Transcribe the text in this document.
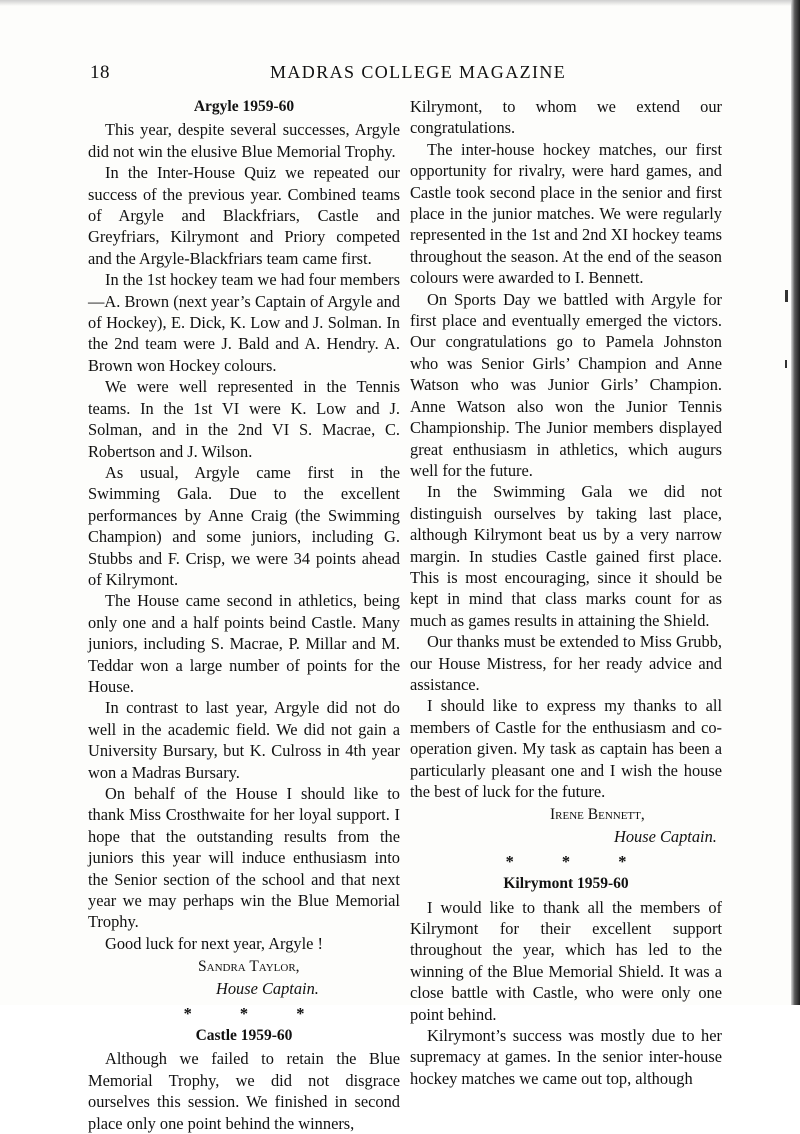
18	MADRAS COLLEGE MAGAZINE
Argyle 1959-60

This year, despite several successes, Argyle did not win the elusive Blue Memorial Trophy.

In the Inter-House Quiz we repeated our success of the previous year. Combined teams of Argyle and Blackfriars, Castle and Greyfriars, Kilrymont and Priory competed and the Argyle-Blackfriars team came first.

In the 1st hockey team we had four members —A. Brown (next year’s Captain of Argyle and of Hockey), E. Dick, K. Low and J. Solman. In the 2nd team were J. Bald and A. Hendry. A. Brown won Hockey colours.

We were well represented in the Tennis teams. In the 1st VI were K. Low and J. Solman, and in the 2nd VI S. Macrae, C. Robertson and J. Wilson.

As usual, Argyle came first in the Swimming Gala. Due to the excellent performances by Anne Craig (the Swimming Champion) and some juniors, including G. Stubbs and F. Crisp, we were 34 points ahead of Kilrymont.

The House came second in athletics, being only one and a half points beind Castle. Many juniors, including S. Macrae, P. Millar and M. Teddar won a large number of points for the House.

In contrast to last year, Argyle did not do well in the academic field. We did not gain a University Bursary, but K. Culross in 4th year won a Madras Bursary.

On behalf of the House I should like to thank Miss Crosthwaite for her loyal support. I hope that the outstanding results from the juniors this year will induce enthusiasm into the Senior section of the school and that next year we may perhaps win the Blue Memorial Trophy.

Good luck for next year, Argyle !

Sandra Taylor,
House Captain.
* * *
Castle 1959-60

Although we failed to retain the Blue Memorial Trophy, we did not disgrace ourselves this session. We finished in second place only one point behind the winners,

Kilrymont, to whom we extend our congratulations.

The inter-house hockey matches, our first opportunity for rivalry, were hard games, and Castle took second place in the senior and first place in the junior matches. We were regularly represented in the 1st and 2nd XI hockey teams throughout the season. At the end of the season colours were awarded to I. Bennett.

On Sports Day we battled with Argyle for first place and eventually emerged the victors. Our congratulations go to Pamela Johnston who was Senior Girls’ Champion and Anne Watson who was Junior Girls’ Champion. Anne Watson also won the Junior Tennis Championship. The Junior members displayed great enthusiasm in athletics, which augurs well for the future.

In the Swimming Gala we did not distinguish ourselves by taking last place, although Kilrymont beat us by a very narrow margin. In studies Castle gained first place. This is most encouraging, since it should be kept in mind that class marks count for as much as games results in attaining the Shield.

Our thanks must be extended to Miss Grubb, our House Mistress, for her ready advice and assistance.

I should like to express my thanks to all members of Castle for the enthusiasm and co-operation given. My task as captain has been a particularly pleasant one and I wish the house the best of luck for the future.

Irene Bennett,
House Captain.
* * *
Kilrymont 1959-60

I would like to thank all the members of Kilrymont for their excellent support throughout the year, which has led to the winning of the Blue Memorial Shield. It was a close battle with Castle, who were only one point behind.

Kilrymont’s success was mostly due to her supremacy at games. In the senior inter-house hockey matches we came out top, although
